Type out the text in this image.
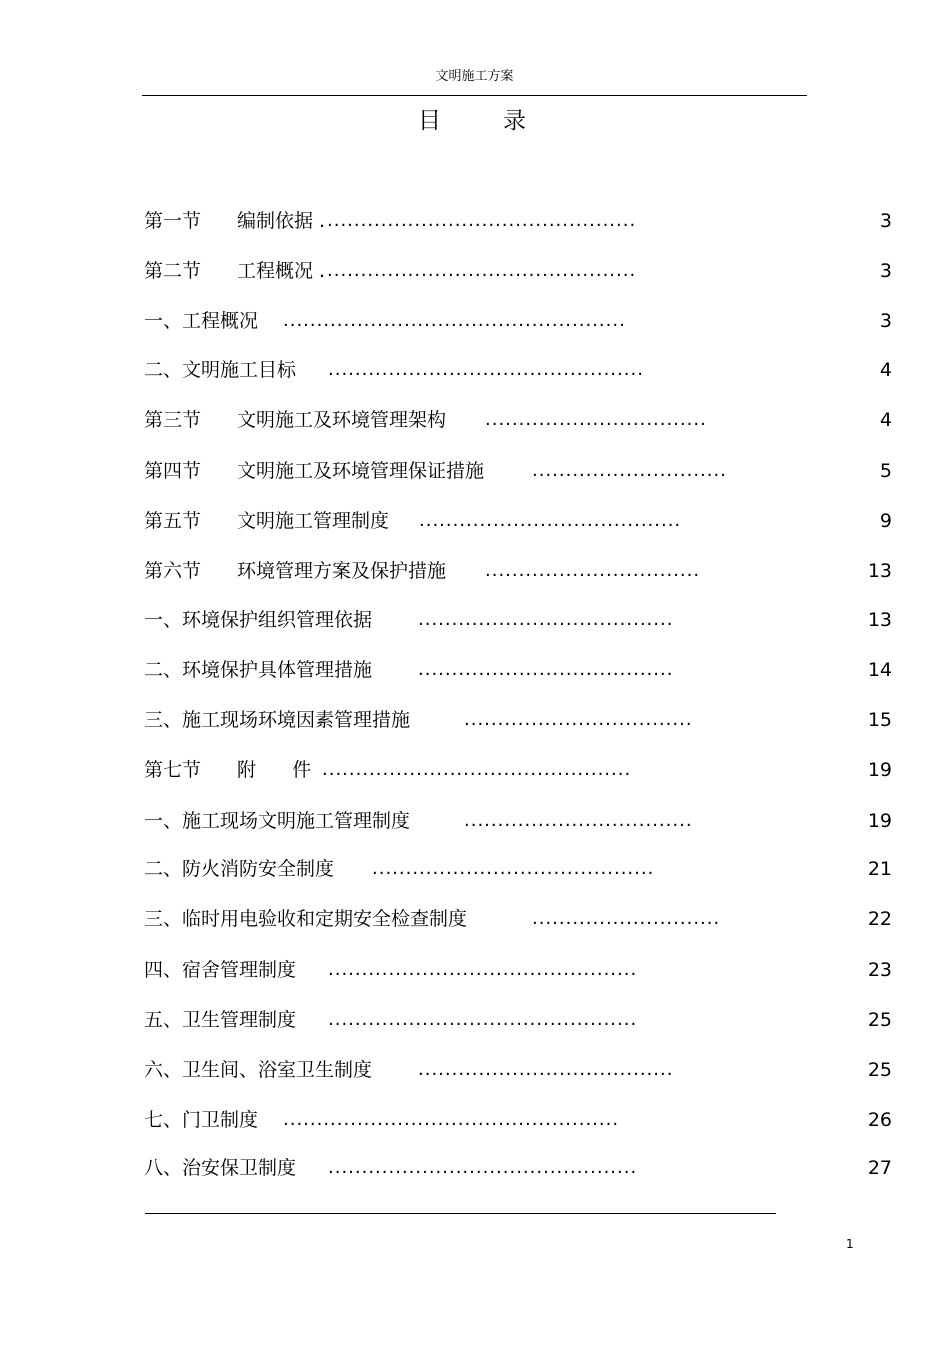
文明施工方案
目录
第一节 编制依据 . ..............................................	3
第二节 工程概况 . ..............................................	3
一、工程概况 ...................................................	3
二、文明施工目标 ...............................................	4
第三节 文明施工及环境管理架构 .................................	4
第四节 文明施工及环境管理保证措施	.............................	5
第五节 文明施工管理制度 .......................................	9
第六节 环境管理方案及保护措施 ................................	13
一、环境保护组织管理依据	......................................	13
二、环境保护具体管理措施	......................................	14
三、施工现场环境因素管理措施	..................................	15
第七节 附      件 ..............................................	19
一、施工现场文明施工管理制度	..................................	19
二、防火消防安全制度 ..........................................	21
三、临时用电验收和定期安全检查制度	............................	22
四、宿舍管理制度 ..............................................	23
五、卫生管理制度 ..............................................	25
六、卫生间、浴室卫生制度	......................................	25
七、门卫制度 ..................................................	26
八、治安保卫制度 ..............................................	27
1
